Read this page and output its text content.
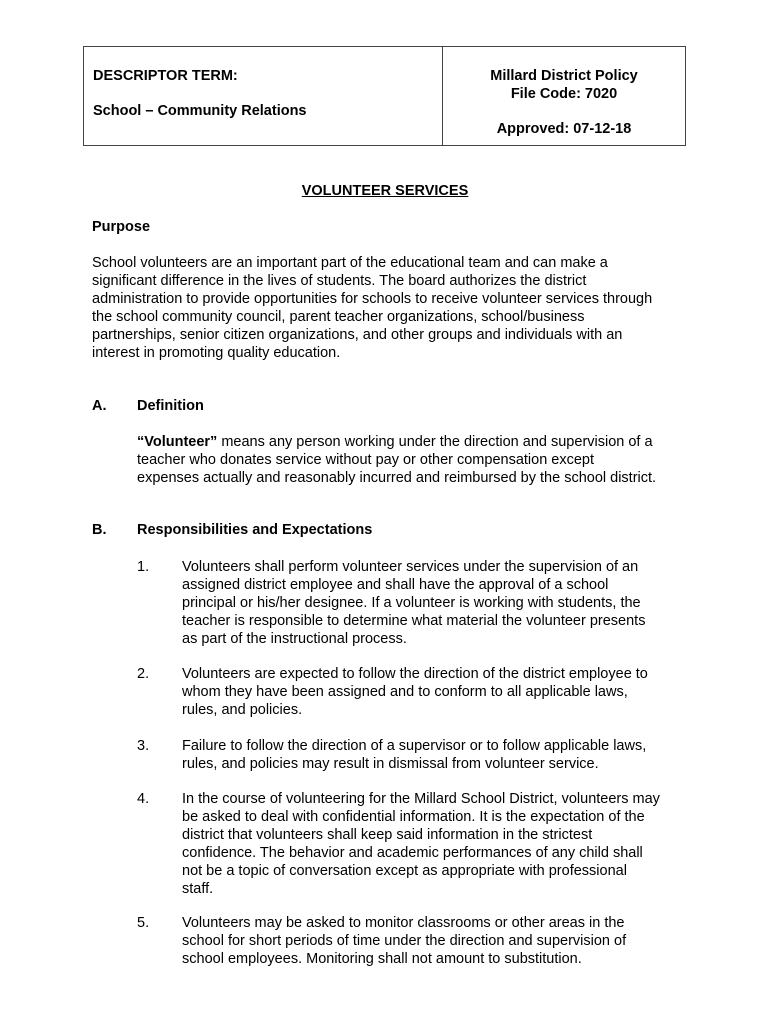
DESCRIPTOR TERM:
School – Community Relations
Millard District Policy
File Code: 7020
Approved: 07-12-18
VOLUNTEER SERVICES
Purpose
School volunteers are an important part of the educational team and can make a
significant difference in the lives of students. The board authorizes the district
administration to provide opportunities for schools to receive volunteer services through
the school community council, parent teacher organizations, school/business
partnerships, senior citizen organizations, and other groups and individuals with an
interest in promoting quality education.
A. Definition
“Volunteer” means any person working under the direction and supervision of a
teacher who donates service without pay or other compensation except
expenses actually and reasonably incurred and reimbursed by the school district.
B. Responsibilities and Expectations
1. Volunteers shall perform volunteer services under the supervision of an
assigned district employee and shall have the approval of a school
principal or his/her designee. If a volunteer is working with students, the
teacher is responsible to determine what material the volunteer presents
as part of the instructional process.
2. Volunteers are expected to follow the direction of the district employee to
whom they have been assigned and to conform to all applicable laws,
rules, and policies.
3. Failure to follow the direction of a supervisor or to follow applicable laws,
rules, and policies may result in dismissal from volunteer service.
4. In the course of volunteering for the Millard School District, volunteers may
be asked to deal with confidential information. It is the expectation of the
district that volunteers shall keep said information in the strictest
confidence. The behavior and academic performances of any child shall
not be a topic of conversation except as appropriate with professional
staff.
5. Volunteers may be asked to monitor classrooms or other areas in the
school for short periods of time under the direction and supervision of
school employees. Monitoring shall not amount to substitution.
